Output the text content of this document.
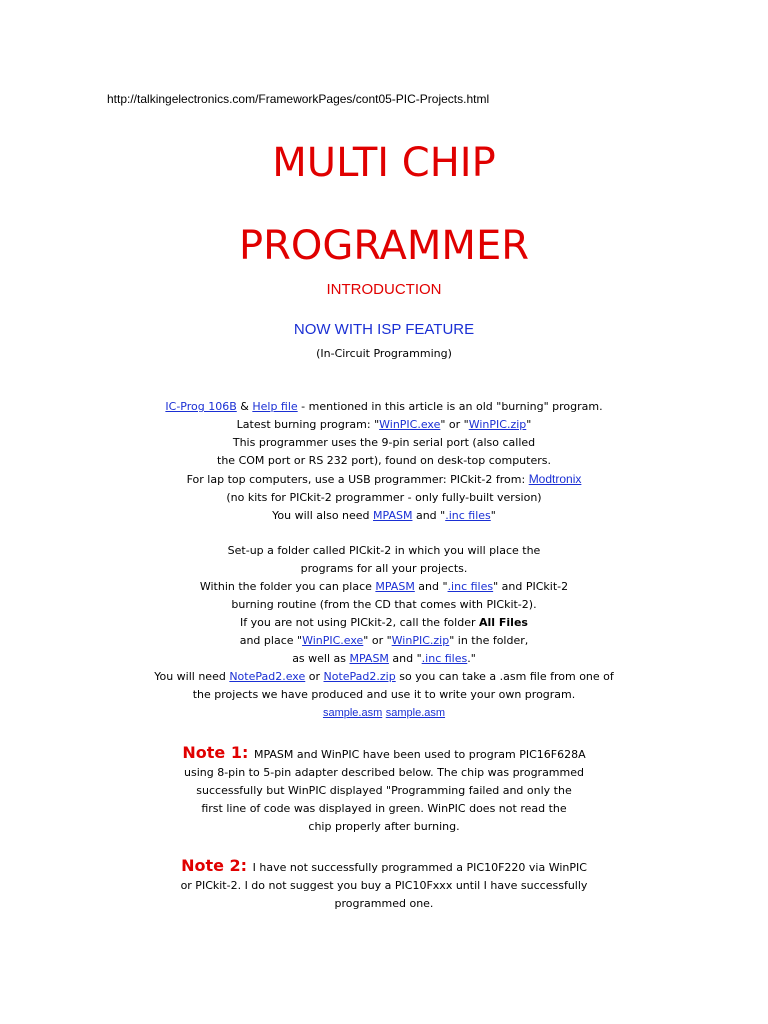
http://talkingelectronics.com/FrameworkPages/cont05-PIC-Projects.html
MULTI CHIP
PROGRAMMER
INTRODUCTION
NOW WITH ISP FEATURE
(In-Circuit Programming)
IC-Prog 106B & Help file - mentioned in this article is an old "burning" program.
Latest burning program: "WinPIC.exe" or "WinPIC.zip"
This programmer uses the 9-pin serial port (also called
the COM port or RS 232 port), found on desk-top computers.
For lap top computers, use a USB programmer: PICkit-2 from: Modtronix
(no kits for PICkit-2 programmer - only fully-built version)
You will also need MPASM and ".inc files"
Set-up a folder called PICkit-2 in which you will place the
programs for all your projects.
Within the folder you can place MPASM and ".inc files" and PICkit-2
burning routine (from the CD that comes with PICkit-2).
If you are not using PICkit-2, call the folder All Files
and place "WinPIC.exe" or "WinPIC.zip" in the folder,
as well as MPASM and ".inc files."
You will need NotePad2.exe or NotePad2.zip so you can take a .asm file from one of
the projects we have produced and use it to write your own program.
sample.asm sample.asm
Note 1: MPASM and WinPIC have been used to program PIC16F628A
using 8-pin to 5-pin adapter described below. The chip was programmed
successfully but WinPIC displayed "Programming failed and only the
first line of code was displayed in green. WinPIC does not read the
chip properly after burning.
Note 2: I have not successfully programmed a PIC10F220 via WinPIC
or PICkit-2. I do not suggest you buy a PIC10Fxxx until I have successfully
programmed one.
